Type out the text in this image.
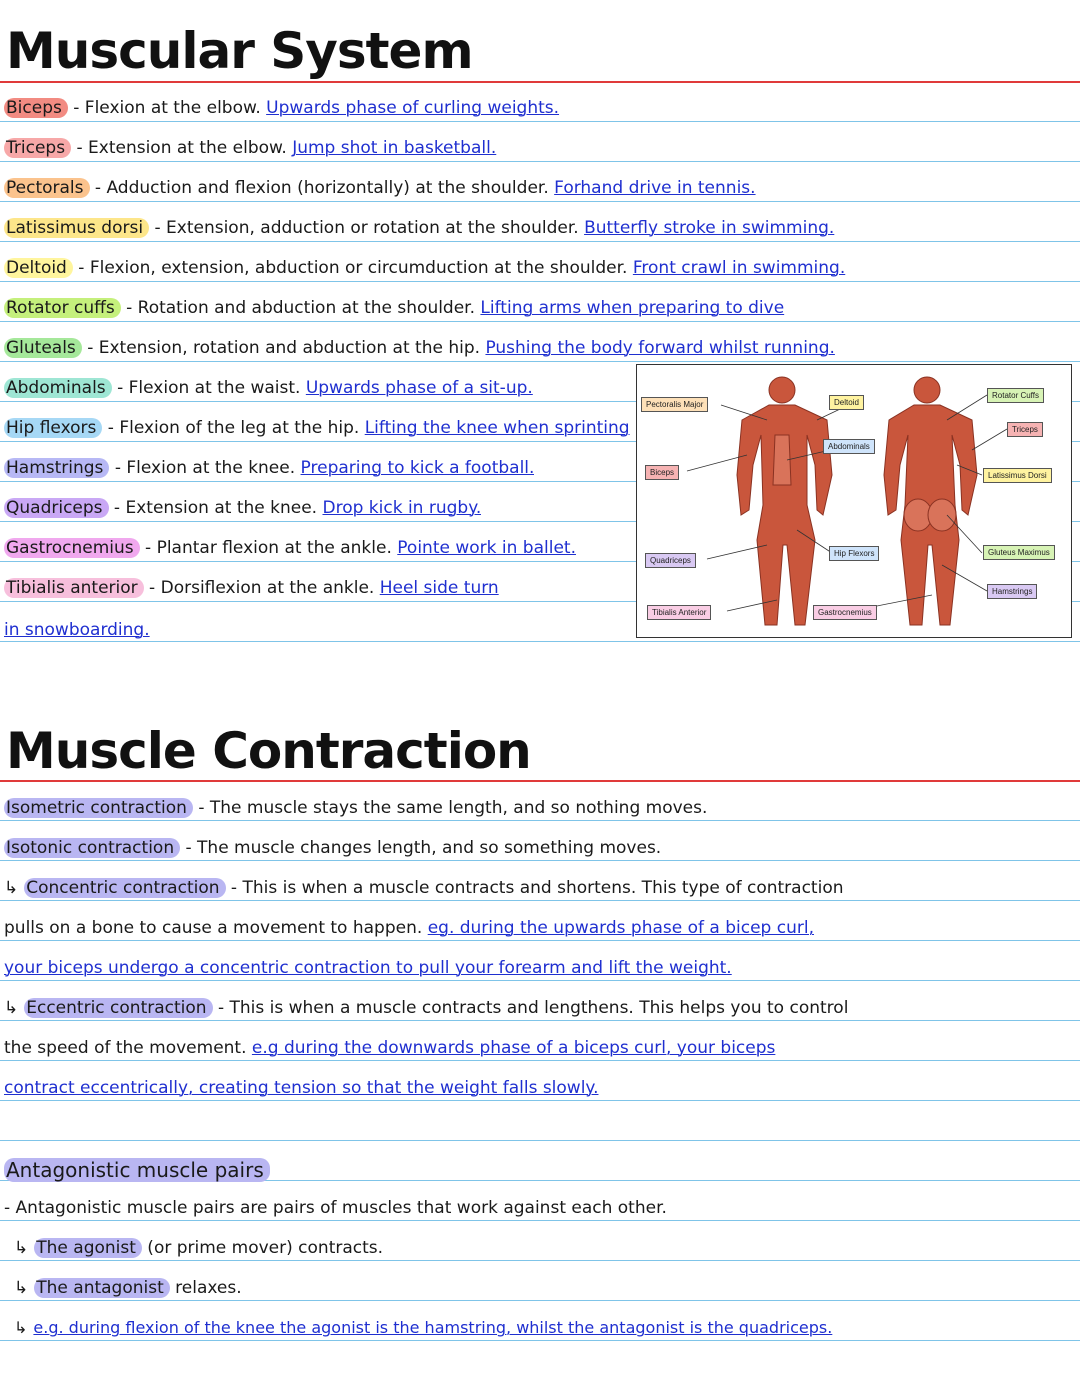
Muscular System
Biceps - Flexion at the elbow. Upwards phase of curling weights.
Triceps - Extension at the elbow. Jump shot in basketball.
Pectorals - Adduction and flexion (horizontally) at the shoulder. Forhand drive in tennis.
Latissimus dorsi - Extension, adduction or rotation at the shoulder. Butterfly stroke in swimming.
Deltoid - Flexion, extension, abduction or circumduction at the shoulder. Front crawl in swimming.
Rotator cuffs - Rotation and abduction at the shoulder. Lifting arms when preparing to dive
Gluteals - Extension, rotation and abduction at the hip. Pushing the body forward whilst running.
Abdominals - Flexion at the waist. Upwards phase of a sit-up.
Hip flexors - Flexion of the leg at the hip. Lifting the knee when sprinting
Hamstrings - Flexion at the knee. Preparing to kick a football.
Quadriceps - Extension at the knee. Drop kick in rugby.
Gastrocnemius - Plantar flexion at the ankle. Pointe work in ballet.
Tibialis anterior - Dorsiflexion at the ankle. Heel side turn
in snowboarding.
Pectoralis Major
Biceps
Quadriceps
Tibialis Anterior
Deltoid
Abdominals
Hip Flexors
Gastrocnemius
Rotator Cuffs
Triceps
Latissimus Dorsi
Gluteus Maximus
Hamstrings
Muscle Contraction
Isometric contraction - The muscle stays the same length, and so nothing moves.
Isotonic contraction - The muscle changes length, and so something moves.
↳ Concentric contraction - This is when a muscle contracts and shortens. This type of contraction
pulls on a bone to cause a movement to happen. eg. during the upwards phase of a bicep curl,
your biceps undergo a concentric contraction to pull your forearm and lift the weight.
↳ Eccentric contraction - This is when a muscle contracts and lengthens. This helps you to control
the speed of the movement. e.g during the downwards phase of a biceps curl, your biceps
contract eccentrically, creating tension so that the weight falls slowly.
Antagonistic muscle pairs
- Antagonistic muscle pairs are pairs of muscles that work against each other.
↳ The agonist (or prime mover) contracts.
↳ The antagonist relaxes.
↳ e.g. during flexion of the knee the agonist is the hamstring, whilst the antagonist is the quadriceps.
